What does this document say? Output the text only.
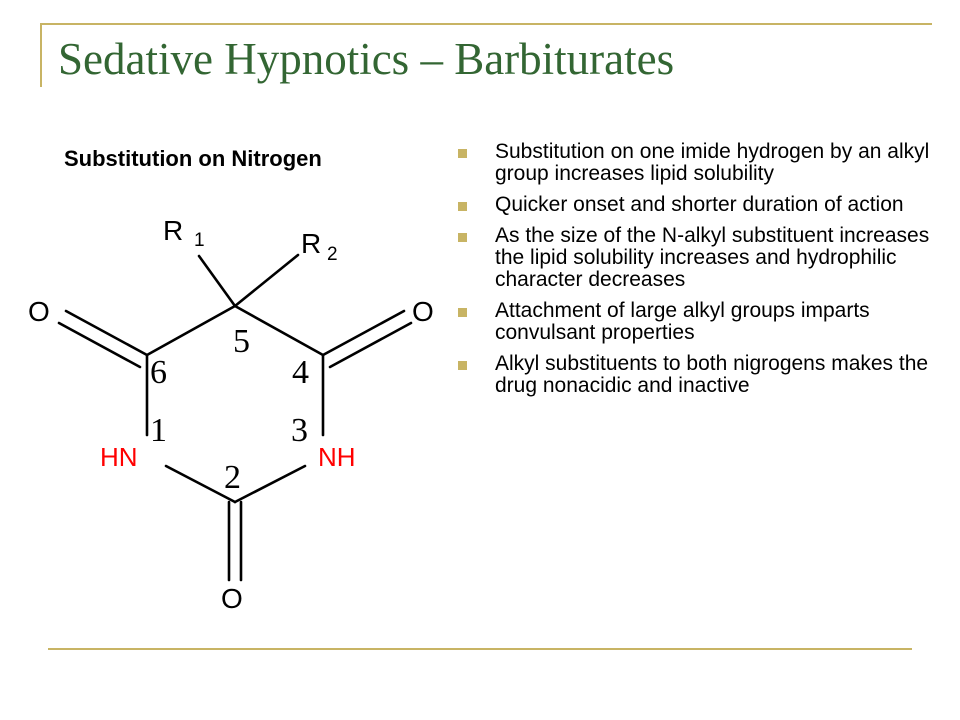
Sedative Hypnotics – Barbiturates
Substitution on Nitrogen
R 1	R 2
O	O
O
HN	NH
5
6	4
1	3
2
Substitution on one imide hydrogen by an alkyl group increases lipid solubility
Quicker onset and shorter duration of action
As the size of the N-alkyl substituent increases the lipid solubility increases and hydrophilic character decreases
Attachment of large alkyl groups imparts convulsant properties
Alkyl substituents to both nigrogens makes the drug nonacidic and inactive
